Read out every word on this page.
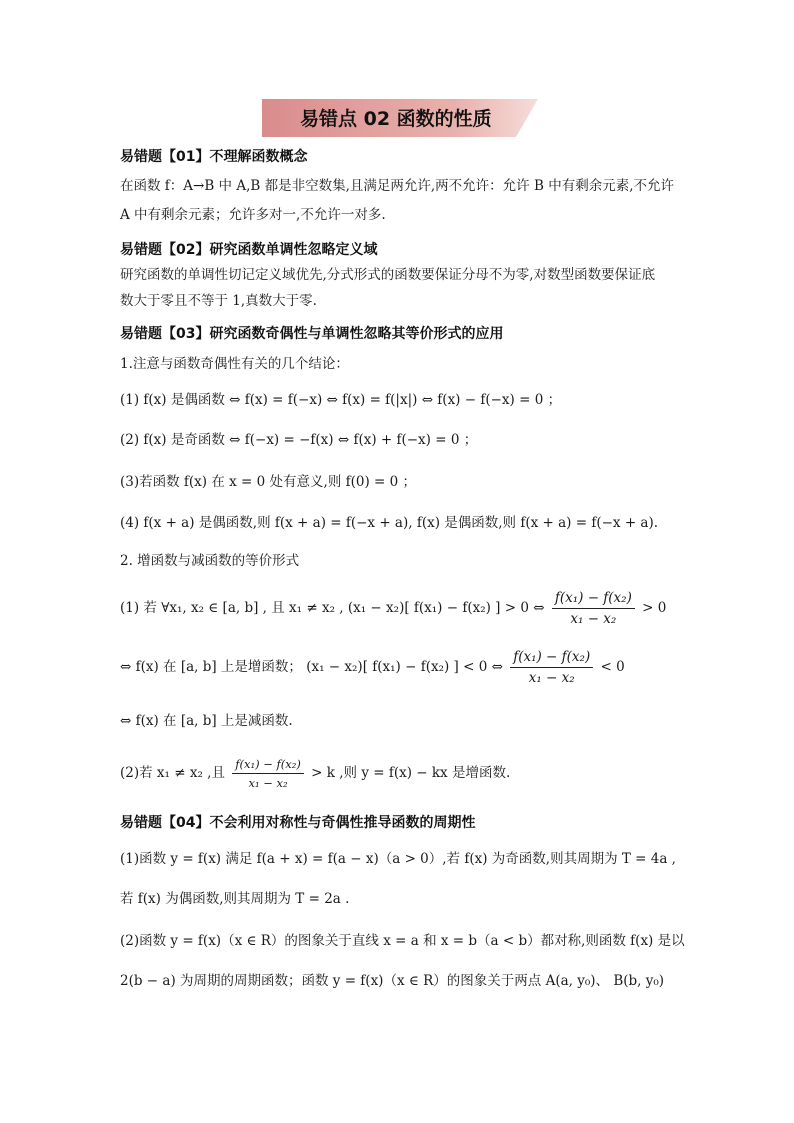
易错点 02 函数的性质
易错题【01】不理解函数概念
在函数 f：A→B 中 A,B 都是非空数集,且满足两允许,两不允许：允许 B 中有剩余元素,不允许
A 中有剩余元素；允许多对一,不允许一对多.
易错题【02】研究函数单调性忽略定义域
研究函数的单调性切记定义域优先,分式形式的函数要保证分母不为零,对数型函数要保证底
数大于零且不等于 1,真数大于零.
易错题【03】研究函数奇偶性与单调性忽略其等价形式的应用
1.注意与函数奇偶性有关的几个结论：
(1) f(x) 是偶函数 ⇔ f(x) = f(−x) ⇔ f(x) = f(|x|) ⇔ f(x) − f(−x) = 0 ；
(2) f(x) 是奇函数 ⇔ f(−x) = −f(x) ⇔ f(x) + f(−x) = 0 ；
(3)若函数 f(x) 在 x = 0 处有意义,则 f(0) = 0 ；
(4) f(x + a) 是偶函数,则 f(x + a) = f(−x + a), f(x) 是偶函数,则 f(x + a) = f(−x + a).
2. 增函数与减函数的等价形式
(1) 若 ∀x₁, x₂ ∈ [a, b] , 且 x₁ ≠ x₂ , (x₁ − x₂)[ f(x₁) − f(x₂) ] > 0 ⇔ $\frac{\text{f(x₁) − f(x₂)}}{\text{x₁ − x₂}} > 0$
⇔ f(x) 在 [a, b] 上是增函数； (x₁ − x₂)[ f(x₁) − f(x₂) ] < 0 ⇔ $\frac{\text{f(x₁) − f(x₂)}}{\text{x₁ − x₂}} < 0$
⇔ f(x) 在 [a, b] 上是减函数.
(2)若 x₁ ≠ x₂ ,且 $\frac{\text{f(x₁) − f(x₂)}}{\text{x₁ − x₂}} > k$ ,则 y = f(x) − kx 是增函数.
易错题【04】不会利用对称性与奇偶性推导函数的周期性
(1)函数 y = f(x) 满足 f(a + x) = f(a − x)（a > 0）,若 f(x) 为奇函数,则其周期为 T = 4a ,
若 f(x) 为偶函数,则其周期为 T = 2a .
(2)函数 y = f(x)（x ∈ R）的图象关于直线 x = a 和 x = b（a < b）都对称,则函数 f(x) 是以
2(b − a) 为周期的周期函数；函数 y = f(x)（x ∈ R）的图象关于两点 A(a, y₀)、 B(b, y₀)
